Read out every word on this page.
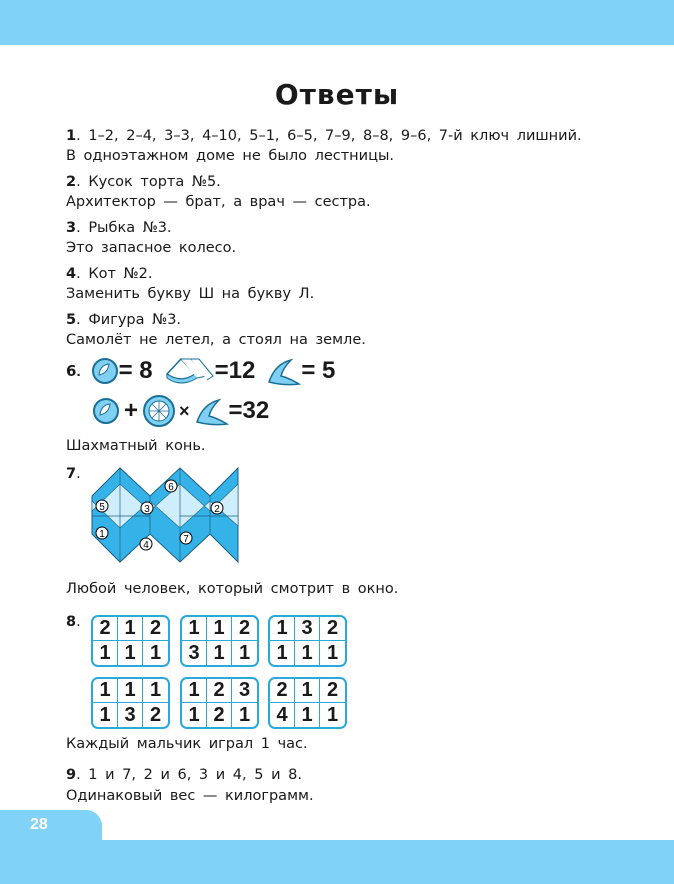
Ответы
1. 1–2, 2–4, 3–3, 4–10, 5–1, 6–5, 7–9, 8–8, 9–6, 7-й ключ лишний.
В одноэтажном доме не было лестницы.
2. Кусок торта №5.
Архитектор — брат, а врач — сестра.
3. Рыбка №3.
Это запасное колесо.
4. Кот №2.
Заменить букву Ш на букву Л.
5. Фигура №3.
Самолёт не летел, а стоял на земле.
6 . = 8	=12 = 5
+ × =32
Шахматный конь.
7.
5	3
6
2
1
4
7
Любой человек, который смотрит в окно.
8. 2 1 2
1 1 1
1 1 2
3 1 1
1 3 2
1 1 1
1 1 1
1 3 2
1 2 3
1 2 1
2 1 2
4 1 1
Каждый мальчик играл 1 час.
9. 1 и 7, 2 и 6, 3 и 4, 5 и 8.
Одинаковый вес — килограмм.
28
